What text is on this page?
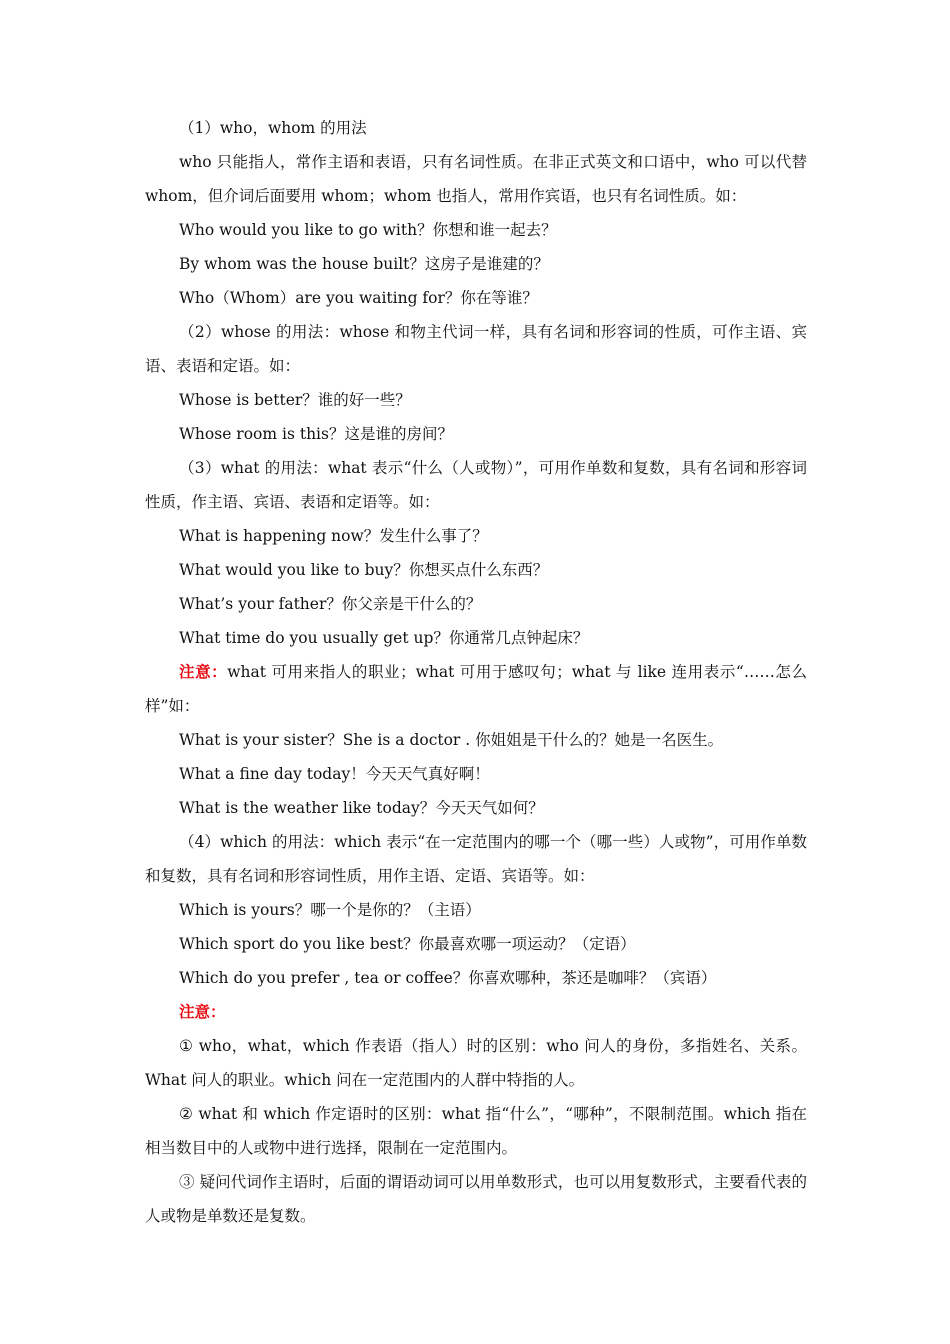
（1）who，whom 的用法

who 只能指人，常作主语和表语，只有名词性质。在非正式英文和口语中，who 可以代替 whom，但介词后面要用 whom；whom 也指人，常用作宾语，也只有名词性质。如：

Who would you like to go with？你想和谁一起去？

By whom was the house built？这房子是谁建的？

Who（Whom）are you waiting for？你在等谁？

（2）whose 的用法：whose 和物主代词一样，具有名词和形容词的性质，可作主语、宾语、表语和定语。如：

Whose is better？谁的好一些？

Whose room is this？这是谁的房间？

（3）what 的用法：what 表示“什么（人或物）”，可用作单数和复数，具有名词和形容词性质，作主语、宾语、表语和定语等。如：

What is happening now？发生什么事了？

What would you like to buy？你想买点什么东西？

What’s your father？你父亲是干什么的？

What time do you usually get up？你通常几点钟起床？

注意：what 可用来指人的职业；what 可用于感叹句；what 与 like 连用表示“……怎么样”如：

What is your sister？She is a doctor . 你姐姐是干什么的？她是一名医生。

What a fine day today！今天天气真好啊！

What is the weather like today？今天天气如何？

（4）which 的用法：which 表示“在一定范围内的哪一个（哪一些）人或物”，可用作单数和复数，具有名词和形容词性质，用作主语、定语、宾语等。如：

Which is yours？哪一个是你的？（主语）

Which sport do you like best？你最喜欢哪一项运动？（定语）

Which do you prefer , tea or coffee？你喜欢哪种，茶还是咖啡？（宾语）

注意：

① who，what，which 作表语（指人）时的区别：who 问人的身份，多指姓名、关系。What 问人的职业。which 问在一定范围内的人群中特指的人。

② what 和 which 作定语时的区别：what 指“什么”，“哪种”，不限制范围。which 指在相当数目中的人或物中进行选择，限制在一定范围内。

③ 疑问代词作主语时，后面的谓语动词可以用单数形式，也可以用复数形式，主要看代表的人或物是单数还是复数。
